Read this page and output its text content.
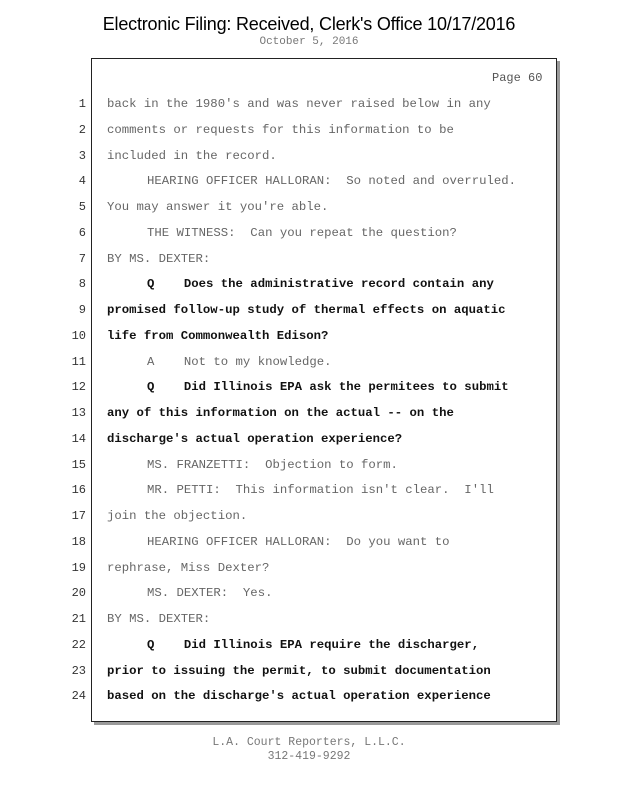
Electronic Filing: Received, Clerk's Office 10/17/2016
October 5, 2016
Page 60
1
2
3
4
5
6
7
8
9
10
11
12
13
14
15
16
17
18
19
20
21
22
23
24
back in the 1980's and was never raised below in any
comments or requests for this information to be
included in the record.
HEARING OFFICER HALLORAN:  So noted and overruled.
You may answer it you're able.
THE WITNESS:  Can you repeat the question?
BY MS. DEXTER:
Q    Does the administrative record contain any
promised follow-up study of thermal effects on aquatic
life from Commonwealth Edison?
A    Not to my knowledge.
Q    Did Illinois EPA ask the permitees to submit
any of this information on the actual -- on the
discharge's actual operation experience?
MS. FRANZETTI:  Objection to form.
MR. PETTI:  This information isn't clear.  I'll
join the objection.
HEARING OFFICER HALLORAN:  Do you want to
rephrase, Miss Dexter?
MS. DEXTER:  Yes.
BY MS. DEXTER:
Q    Did Illinois EPA require the discharger,
prior to issuing the permit, to submit documentation
based on the discharge's actual operation experience
L.A. Court Reporters, L.L.C.
312-419-9292
